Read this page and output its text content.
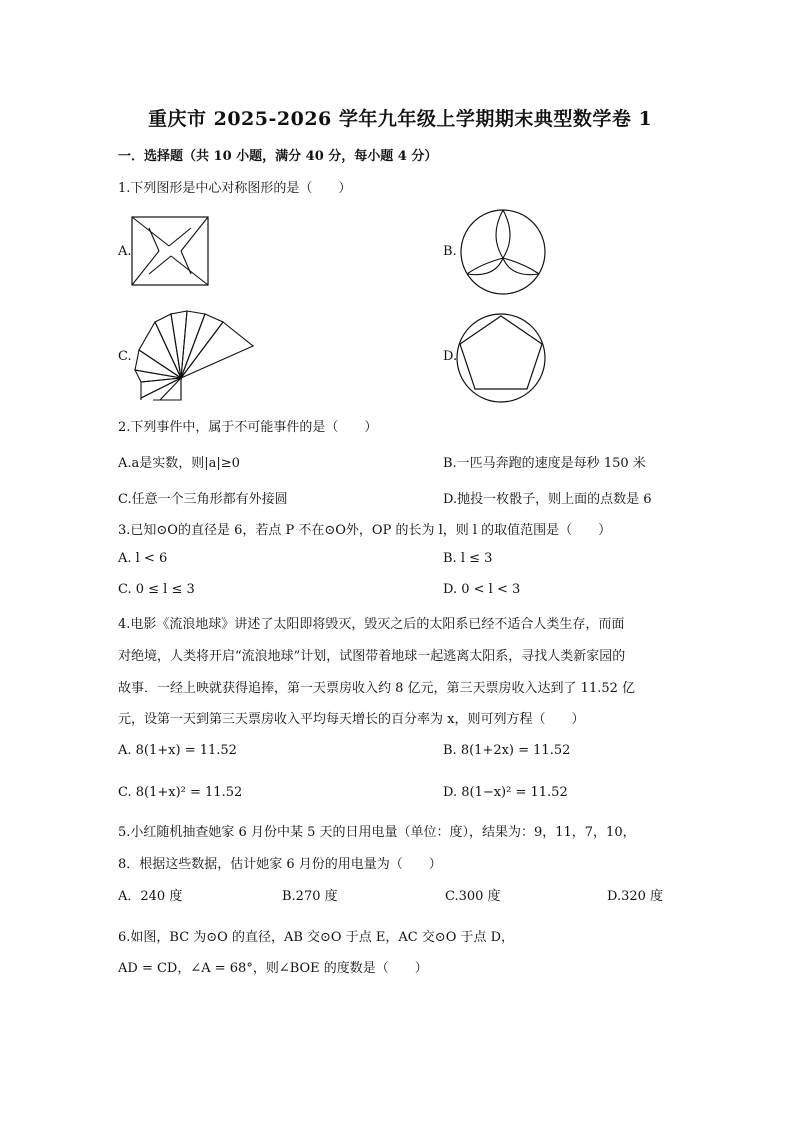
重庆市 2025-2026 学年九年级上学期期末典型数学卷 1
一．选择题（共 10 小题，满分 40 分，每小题 4 分）
1.下列图形是中心对称图形的是（　　）
A.	B.
C.	D.
2.下列事件中，属于不可能事件的是（　　）
A.a是实数，则|a|≥0	B.一匹马奔跑的速度是每秒 150 米
C.任意一个三角形都有外接圆	D.抛投一枚骰子，则上面的点数是 6
3.已知⊙O的直径是 6，若点 P 不在⊙O外，OP 的长为 l，则 l 的取值范围是（　　）
A. l < 6	B. l ≤ 3
C. 0 ≤ l ≤ 3	D. 0 < l < 3
4.电影《流浪地球》讲述了太阳即将毁灭，毁灭之后的太阳系已经不适合人类生存，而面
对绝境，人类将开启“流浪地球”计划，试图带着地球一起逃离太阳系，寻找人类新家园的
故事．一经上映就获得追捧，第一天票房收入约 8 亿元，第三天票房收入达到了 11.52 亿
元，设第一天到第三天票房收入平均每天增长的百分率为 x，则可列方程（　　）
A. 8(1+x) = 11.52	B. 8(1+2x) = 11.52
C. 8(1+x)² = 11.52	D. 8(1−x)² = 11.52
5.小红随机抽查她家 6 月份中某 5 天的日用电量（单位：度），结果为：9，11，7，10，
8．根据这些数据，估计她家 6 月份的用电量为（　　）
A．240 度	B.270 度	C.300 度	D.320 度
6.如图，BC 为⊙O 的直径，AB 交⊙O 于点 E，AC 交⊙O 于点 D，
AD = CD，∠A = 68°，则∠BOE 的度数是（　　）
